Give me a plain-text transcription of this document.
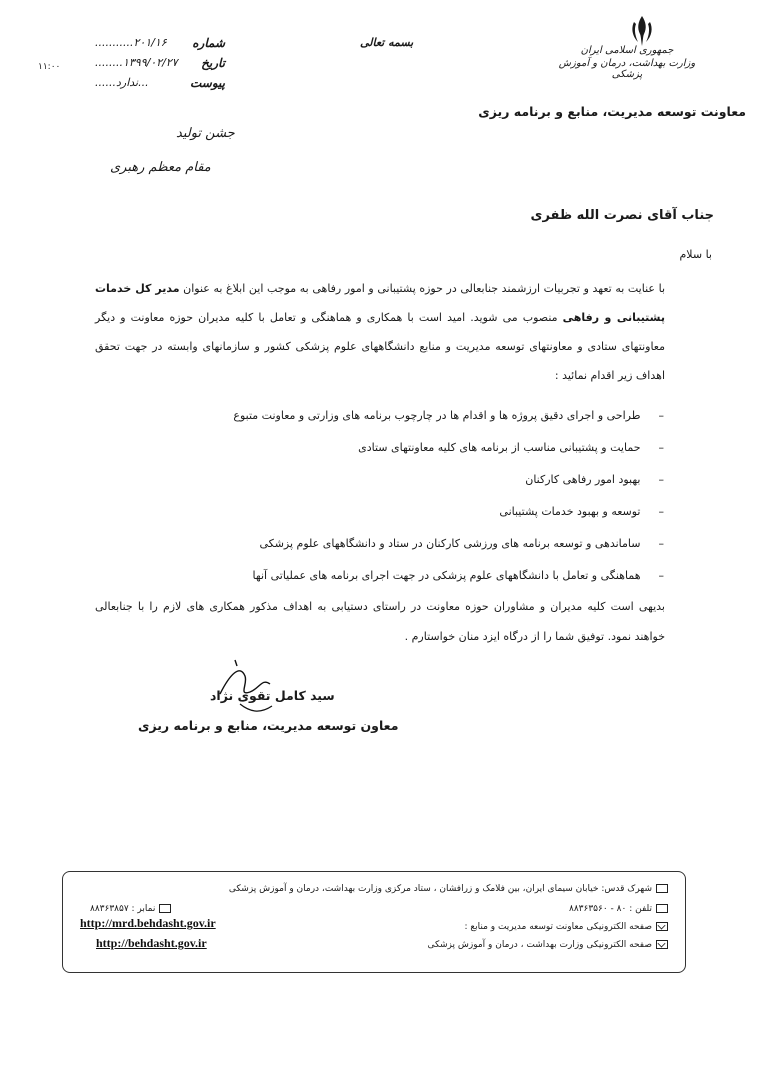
جمهوری اسلامی ایران
وزارت بهداشت، درمان و آموزش پزشکی
معاونت توسعه مدیریت، منابع و برنامه ریزی
بسمه تعالی
شماره
...........۲۰۱/۱۶
تاریخ
........۱۳۹۹/۰۲/۲۷
پیوست
...ندارد......
۱۱:۰۰
جشن تولید
مقام معظم رهبری
جناب آقای نصرت الله ظفری
با سلام
با عنایت به تعهد و تجربیات ارزشمند جنابعالی در حوزه پشتیبانی و امور رفاهی به موجب این ابلاغ به عنوان مدیر کل خدمات پشتیبانی و رفاهی منصوب می شوید. امید است با همکاری و هماهنگی و تعامل با کلیه مدیران حوزه معاونت و دیگر معاونتهای ستادی و معاونتهای توسعه مدیریت و منابع دانشگاههای علوم پزشکی کشور و سازمانهای وابسته در جهت تحقق اهداف زیر اقدام نمائید :
– طراحی و اجرای دقیق پروژه ها و اقدام ها در چارچوب برنامه های وزارتی و معاونت متبوع
– حمایت و پشتیبانی مناسب از برنامه های کلیه معاونتهای ستادی
– بهبود امور رفاهی کارکنان
– توسعه و بهبود خدمات پشتیبانی
– ساماندهی و توسعه برنامه های ورزشی کارکنان در ستاد و دانشگاههای علوم پزشکی
– هماهنگی و تعامل با دانشگاههای علوم پزشکی در جهت اجرای برنامه های عملیاتی آنها
بدیهی است کلیه مدیران و مشاوران حوزه معاونت در راستای دستیابی به اهداف مذکور همکاری های لازم را با جنابعالی خواهند نمود. توفیق شما را از درگاه ایزد منان خواستارم .
سید کامل تقوی نژاد
معاون توسعه مدیریت، منابع و برنامه ریزی
شهرک قدس: خیابان سیمای ایران، بین فلامک و زرافشان ، ستاد مرکزی وزارت بهداشت، درمان و آموزش پزشکی
تلفن : ۸۰ - ۸۸۳۶۳۵۶۰
نمابر : ۸۸۳۶۳۸۵۷
صفحه الکترونیکی معاونت توسعه مدیریت و منابع :
صفحه الکترونیکی وزارت بهداشت ، درمان و آموزش پزشکی
http://mrd.behdasht.gov.ir
http://behdasht.gov.ir
